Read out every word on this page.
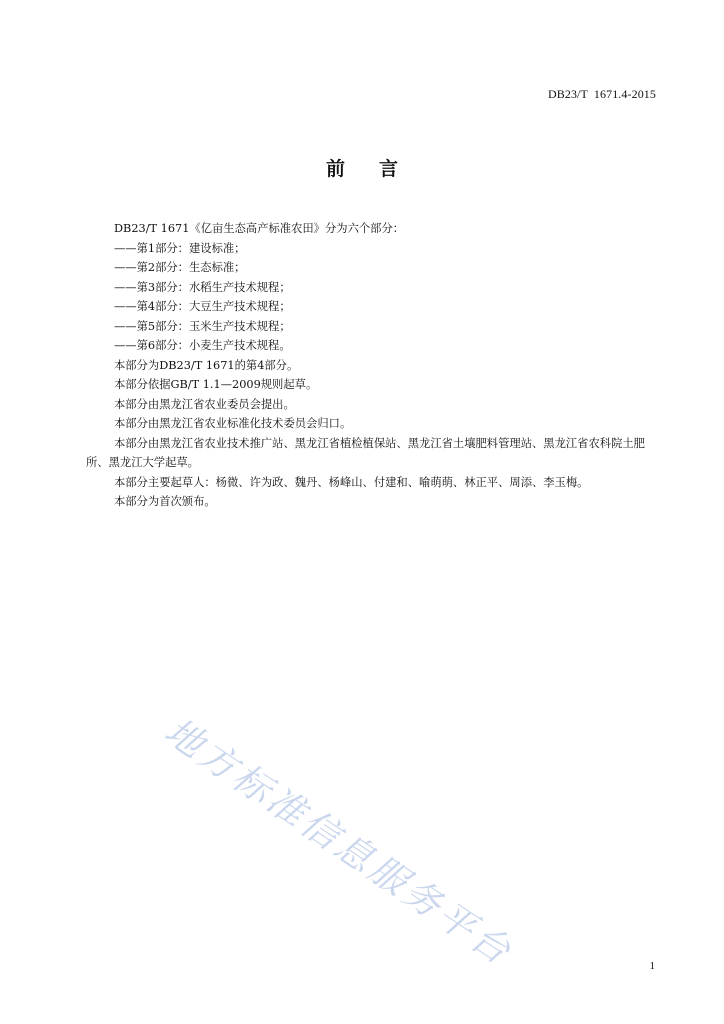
DB23/T  1671.4-2015
前言

DB23/T 1671《亿亩生态高产标准农田》分为六个部分：

——第1部分：建设标准；

——第2部分：生态标准；

——第3部分：水稻生产技术规程；

——第4部分：大豆生产技术规程；

——第5部分：玉米生产技术规程；

——第6部分：小麦生产技术规程。

本部分为DB23/T 1671的第4部分。

本部分依据GB/T 1.1—2009规则起草。

本部分由黑龙江省农业委员会提出。

本部分由黑龙江省农业标准化技术委员会归口。

本部分由黑龙江省农业技术推广站、黑龙江省植检植保站、黑龙江省土壤肥料管理站、黑龙江省农科院土肥所、黑龙江大学起草。

本部分主要起草人：杨微、许为政、魏丹、杨峰山、付建和、喻萌萌、林正平、周添、李玉梅。

本部分为首次颁布。

地方标准信息服务平台	1
